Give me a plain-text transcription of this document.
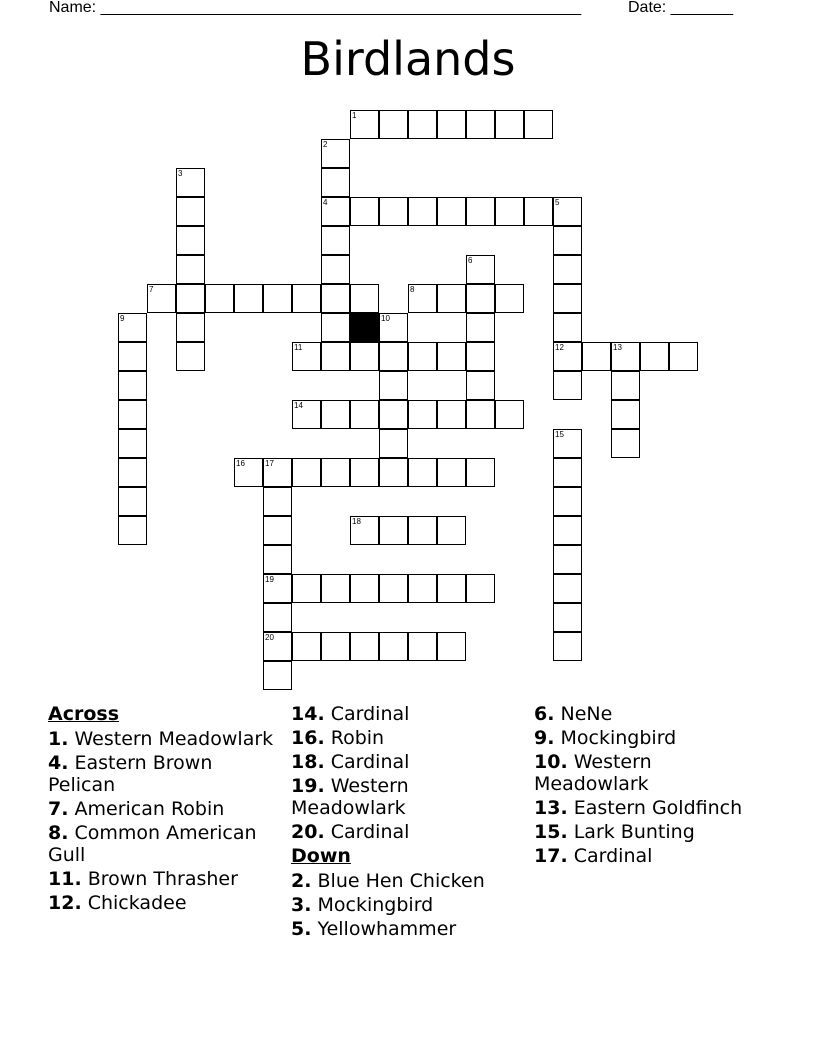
Name: ______________________________________________________	Date: _______
Birdlands
1
2
3
4	5
6
7	8
9	10
11	12	13
14
15
16	17
18
19
20
Across
1. Western Meadowlark
4. Eastern Brown Pelican
7. American Robin
8. Common American Gull
11. Brown Thrasher
12. Chickadee
14. Cardinal
16. Robin
18. Cardinal
19. Western Meadowlark
20. Cardinal
Down
2. Blue Hen Chicken
3. Mockingbird
5. Yellowhammer
6. NeNe
9. Mockingbird
10. Western Meadowlark
13. Eastern Goldfinch
15. Lark Bunting
17. Cardinal
